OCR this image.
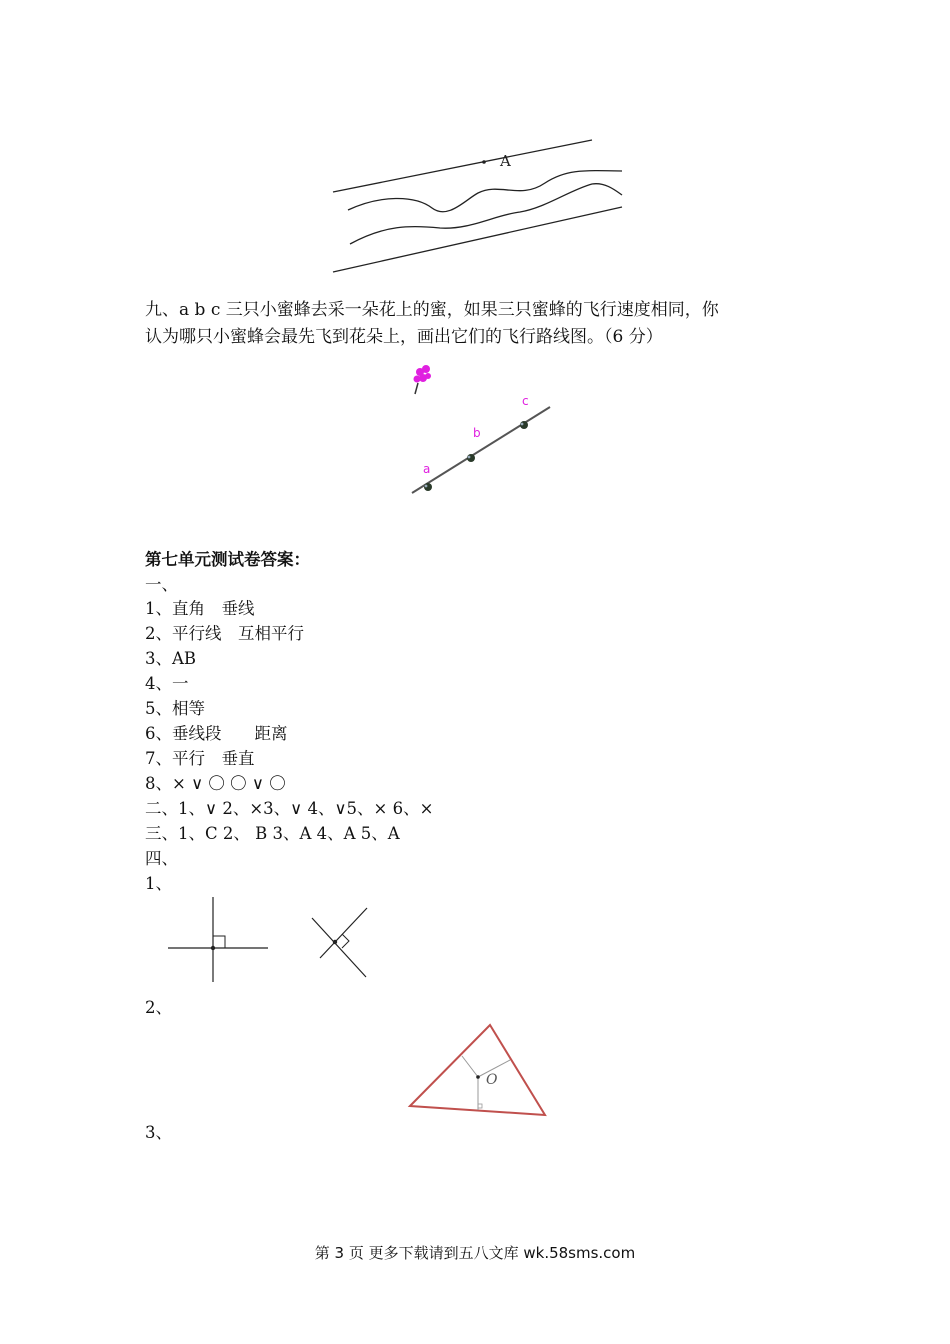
A
九、a b c 三只小蜜蜂去采一朵花上的蜜，如果三只蜜蜂的飞行速度相同，你
认为哪只小蜜蜂会最先飞到花朵上，画出它们的飞行路线图。（6 分）
a
b
c
第七单元测试卷答案：
一、
1、直角　垂线
2、平行线　互相平行
3、AB
4、一
5、相等
6、垂线段　　距离
7、平行　垂直
8、× ∨ 〇 〇 ∨ 〇
二、1、∨ 2、×3、∨ 4、∨5、× 6、×
三、1、C 2、 B 3、A 4、A 5、A
四、
1、
2、
O
3、
第 3 页 更多下载请到五八文库 wk.58sms.com
